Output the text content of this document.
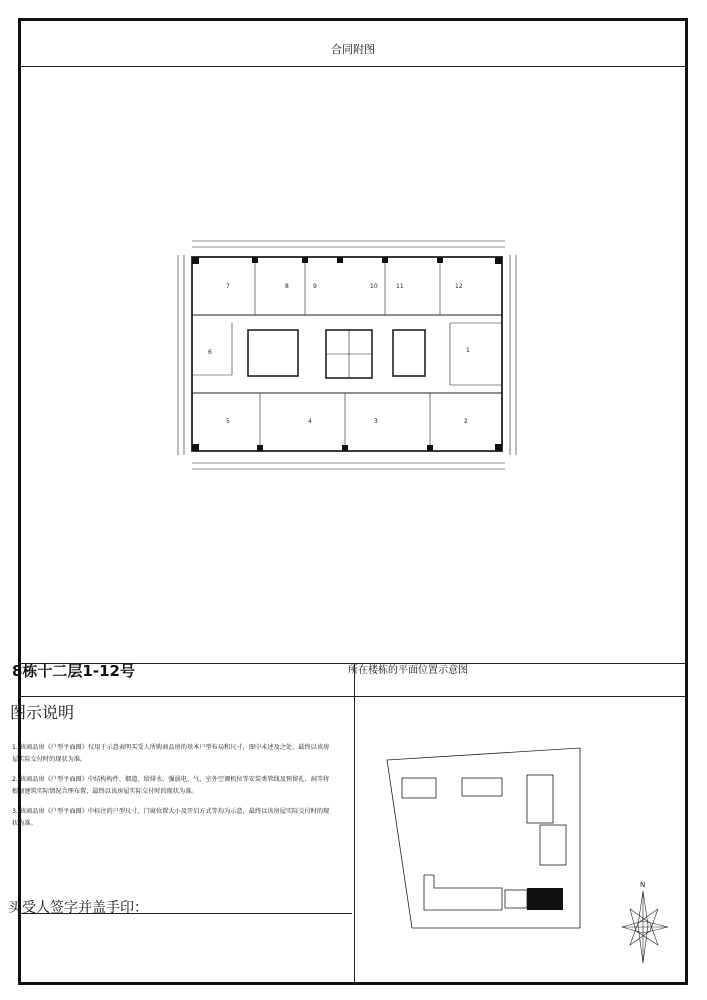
合同附图
8栋十二层1-12号	所在楼栋的平面位置示意图
图示说明

1. 该商品房《户型平面图》仅用于示意表明买受人所购商品房的基本户型布局和尺寸，图中未述及之处，最终以该房屋实际交付时的现状为准。

2. 该商品房《户型平面图》中结构构件、烟道、给排水、强弱电、气、室外空调机位等安装类管线及预留孔、洞等将根据建筑实际情况合理布置，最终以该房屋实际交付时的现状为准。

3. 该商品房《户型平面图》中标注的户型尺寸、门窗位置大小及开启方式等均为示意，最终以该房屋实际交付时的现状为准。

买受人签字并盖手印：
7	8	9	10	11	12
6	1
5	4	3	2
N
